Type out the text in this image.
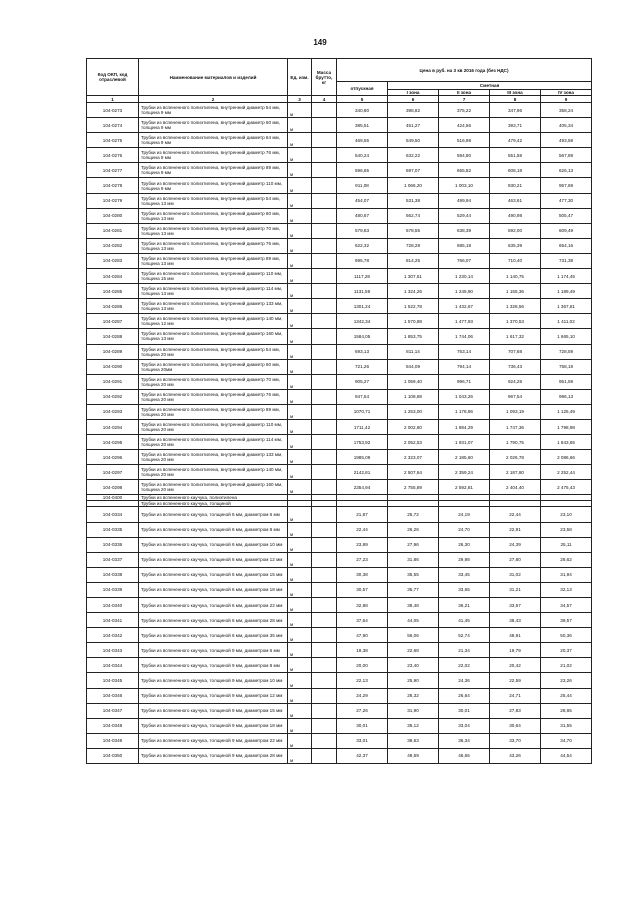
149
Код ОКП, код отраслевой	Наименование материалов и изделий	Ед. изм.	Масса брутто, кг	Цена в руб. на 3 кв 2016 года (без НДС)				
				отпускная	Сметная			
					I зона	II зона	III зона	IV зона
1	2	3	4	5	6	7	8	9
104-0273	Трубки из вспененного полиэтилена, внутренний диаметр 54 мм, толщина 9 мм	м		340,80	398,82	375,22	347,96	358,24
104-0274	Трубки из вспененного полиэтилена, внутренний диаметр 60 мм, толщина 9 мм	м		385,51	451,27	424,56	393,71	405,34
104-0275	Трубки из вспененного полиэтилена, внутренний диаметр 64 мм, толщина 9 мм	м		469,55	549,50	516,98	479,42	493,58
104-0276	Трубки из вспененного полиэтилена, внутренний диаметр 76 мм, толщина 9 мм	м		540,24	632,22	594,80	551,58	567,89
104-0277	Трубки из вспененного полиэтилена, внутренний диаметр 89 мм, толщина 9 мм	м		596,65	697,07	655,82	608,18	626,13
104-0278	Трубки из вспененного полиэтилена, внутренний диаметр 110 мм, толщина 9 мм	м		911,08	1 066,20	1 003,10	930,21	957,69
104-0279	Трубки из вспененного полиэтилена, внутренний диаметр 54 мм, толщина 13 мм	м		454,07	531,38	499,94	463,61	477,30
104-0280	Трубки из вспененного полиэтилена, внутренний диаметр 60 мм, толщина 13 мм	м		480,67	562,74	529,44	490,98	505,47
104-0281	Трубки из вспененного полиэтилена, внутренний диаметр 70 мм, толщина 13 мм	м		579,83	678,55	638,39	592,00	609,49
104-0282	Трубки из вспененного полиэтилена, внутренний диаметр 76 мм, толщина 13 мм	м		622,32	728,28	685,18	635,39	654,16
104-0283	Трубки из вспененного полиэтилена, внутренний диаметр 89 мм, толщина 13 мм	м		695,78	814,25	766,07	710,40	731,38
104-0284	Трубки из вспененного полиэтилена, внутренний диаметр 110 мм, толщина 15 мм	м		1117,28	1 307,51	1 230,14	1 140,75	1 174,45
104-0285	Трубки из вспененного полиэтилена, внутренний диаметр 114 мм, толщина 13 мм	м		1131,59	1 324,26	1 245,90	1 155,36	1 189,49
104-0286	Трубки из вспененного полиэтилена, внутренний диаметр 133 мм, толщина 13 мм	м		1301,24	1 522,78	1 432,67	1 328,56	1 367,81
104-0287	Трубки из вспененного полиэтилена, внутренний диаметр 140 мм, толщина 12 мм	м		1342,34	1 570,88	1 477,93	1 370,53	1 411,02
104-0288	Трубки из вспененного полиэтилена, внутренний диаметр 160 мм, толщина 13 мм	м		1584,05	1 853,75	1 744,06	1 617,32	1 665,10
104-0289	Трубки из вспененного полиэтилена, внутренний диаметр 54 мм, толщина 20 мм	м		693,13	811,14	763,14	707,68	728,59
104-0290	Трубки из вспененного полиэтилена, внутренний диаметр 60 мм, толщина 20мм	м		721,26	844,09	794,14	736,43	758,19
104-0291	Трубки из вспененного полиэтилена, внутренний диаметр 70 мм, толщина 20 мм	м		905,27	1 059,40	996,71	924,28	951,59
104-0292	Трубки из вспененного полиэтилена, внутренний диаметр 76 мм, толщина 20 мм	м		947,54	1 108,88	1 043,26	967,54	996,13
104-0293	Трубки из вспененного полиэтилена, внутренний диаметр 89 мм, толщина 20 мм	м		1070,71	1 253,00	1 178,86	1 093,19	1 125,49
104-0294	Трубки из вспененного полиэтилена, внутренний диаметр 110 мм, толщина 20 мм	м		1711,42	2 002,80	1 884,29	1 747,36	1 798,98
104-0295	Трубки из вспененного полиэтилена, внутренний диаметр 114 мм, толщина 20 мм	м		1753,92	2 052,53	1 931,07	1 790,75	1 843,65
104-0296	Трубки из вспененного полиэтилена, внутренний диаметр 133 мм, толщина 20 мм	м		1985,09	2 323,07	2 185,60	2 026,78	2 086,66
104-0297	Трубки из вспененного полиэтилена, внутренний диаметр 140 мм, толщина 20 мм	м		2142,81	2 507,64	2 359,24	2 187,80	2 252,44
104-0298	Трубки из вспененного полиэтилена, внутренний диаметр 160 мм, толщина 20 мм	м		2354,94	2 755,89	2 592,81	2 404,40	2 475,43
104-0400	Трубки из вспененного каучука, полиэтилена							
	Трубки из вспененного каучука, толщиной							
104-0334	Трубки из вспененного каучука, толщиной 6 мм, диаметром 6 мм	м		21,87	25,72	24,19	22,44	23,10
104-0335	Трубки из вспененного каучука, толщиной 6 мм, диаметром 8 мм	м		22,44	26,26	24,70	22,91	23,58
104-0336	Трубки из вспененного каучука, толщиной 6 мм, диаметром 10 мм	м		23,89	27,96	26,30	24,39	25,11
104-0337	Трубки из вспененного каучука, толщиной 6 мм, диаметром 12 мм	м		27,23	31,86	29,98	27,80	28,62
104-0338	Трубки из вспененного каучука, толщиной 6 мм, диаметром 15 мм	м		30,38	35,55	33,45	31,02	31,94
104-0339	Трубки из вспененного каучука, толщиной 6 мм, диаметром 18 мм	м		30,57	35,77	33,65	31,21	32,13
104-0340	Трубки из вспененного каучука, толщиной 6 мм, диаметром 22 мм	м		32,88	38,48	36,21	33,57	34,57
104-0341	Трубки из вспененного каучука, толщиной 6 мм, диаметром 28 мм	м		37,64	44,05	41,45	38,43	39,57
104-0342	Трубки из вспененного каучука, толщиной 6 мм, диаметром 35 мм	м		47,90	56,06	52,74	48,91	50,36
104-0343	Трубки из вспененного каучука, толщиной 9 мм, диаметром 6 мм	м		19,38	22,68	21,34	19,79	20,37
104-0344	Трубки из вспененного каучука, толщиной 9 мм, диаметром 8 мм	м		20,00	23,40	22,02	20,42	21,02
104-0345	Трубки из вспененного каучука, толщиной 9 мм, диаметром 10 мм	м		22,13	25,90	24,36	22,59	23,26
104-0346	Трубки из вспененного каучука, толщиной 9 мм, диаметром 12 мм	м		24,29	28,32	26,64	24,71	25,44
104-0347	Трубки из вспененного каучука, толщиной 9 мм, диаметром 15 мм	м		27,26	31,90	30,01	27,83	28,65
104-0348	Трубки из вспененного каучука, толщиной 9 мм, диаметром 18 мм	м		30,01	35,12	33,04	30,64	31,55
104-0349	Трубки из вспененного каучука, толщиной 9 мм, диаметром 22 мм	м		33,01	38,63	36,34	33,70	34,70
104-0350	Трубки из вспененного каучука, толщиной 9 мм, диаметром 28 мм	м		42,37	49,59	46,65	43,26	44,54
